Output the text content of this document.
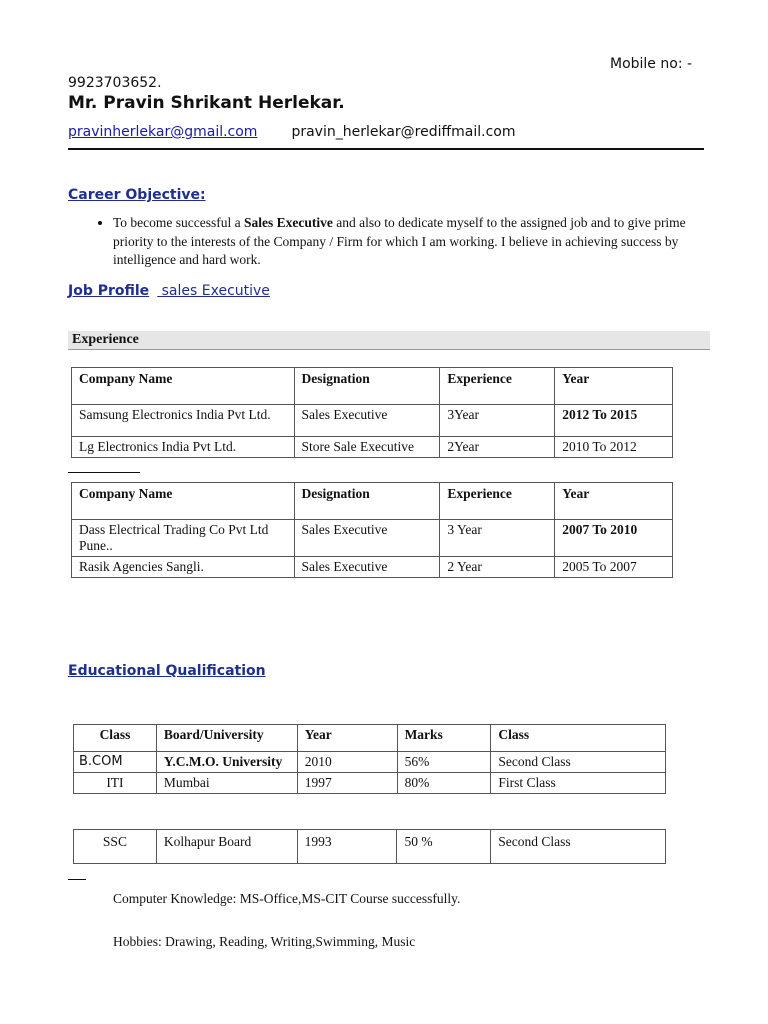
Mobile no: -
9923703652.
Mr. Pravin Shrikant Herlekar.
pravinherlekar@gmail.com pravin_herlekar@rediffmail.com
Career Objective:
• To become successful a Sales Executive and also to dedicate myself to the assigned job and to give prime priority to the interests of the Company / Firm for which I am working. I believe in achieving success by intelligence and hard work.
Job Profile sales Executive
Experience
Company Name	Designation	Experience	Year
Samsung Electronics India Pvt Ltd.	Sales Executive	3Year	2012 To 2015
Lg Electronics India Pvt Ltd.	Store Sale Executive	2Year	2010 To 2012
Company Name	Designation	Experience	Year
Dass Electrical Trading Co Pvt Ltd Pune..	Sales Executive	3 Year	2007 To 2010
Rasik Agencies Sangli.	Sales Executive	2 Year	2005 To 2007
Educational Qualification
Class	Board/University	Year	Marks	Class
B.COM	Y.C.M.O. University	2010	56%	Second Class
ITI	Mumbai	1997	80%	First Class
SSC	Kolhapur Board	1993	50 %	Second Class
Computer Knowledge: MS-Office,MS-CIT Course successfully.
Hobbies: Drawing, Reading, Writing,Swimming, Music
